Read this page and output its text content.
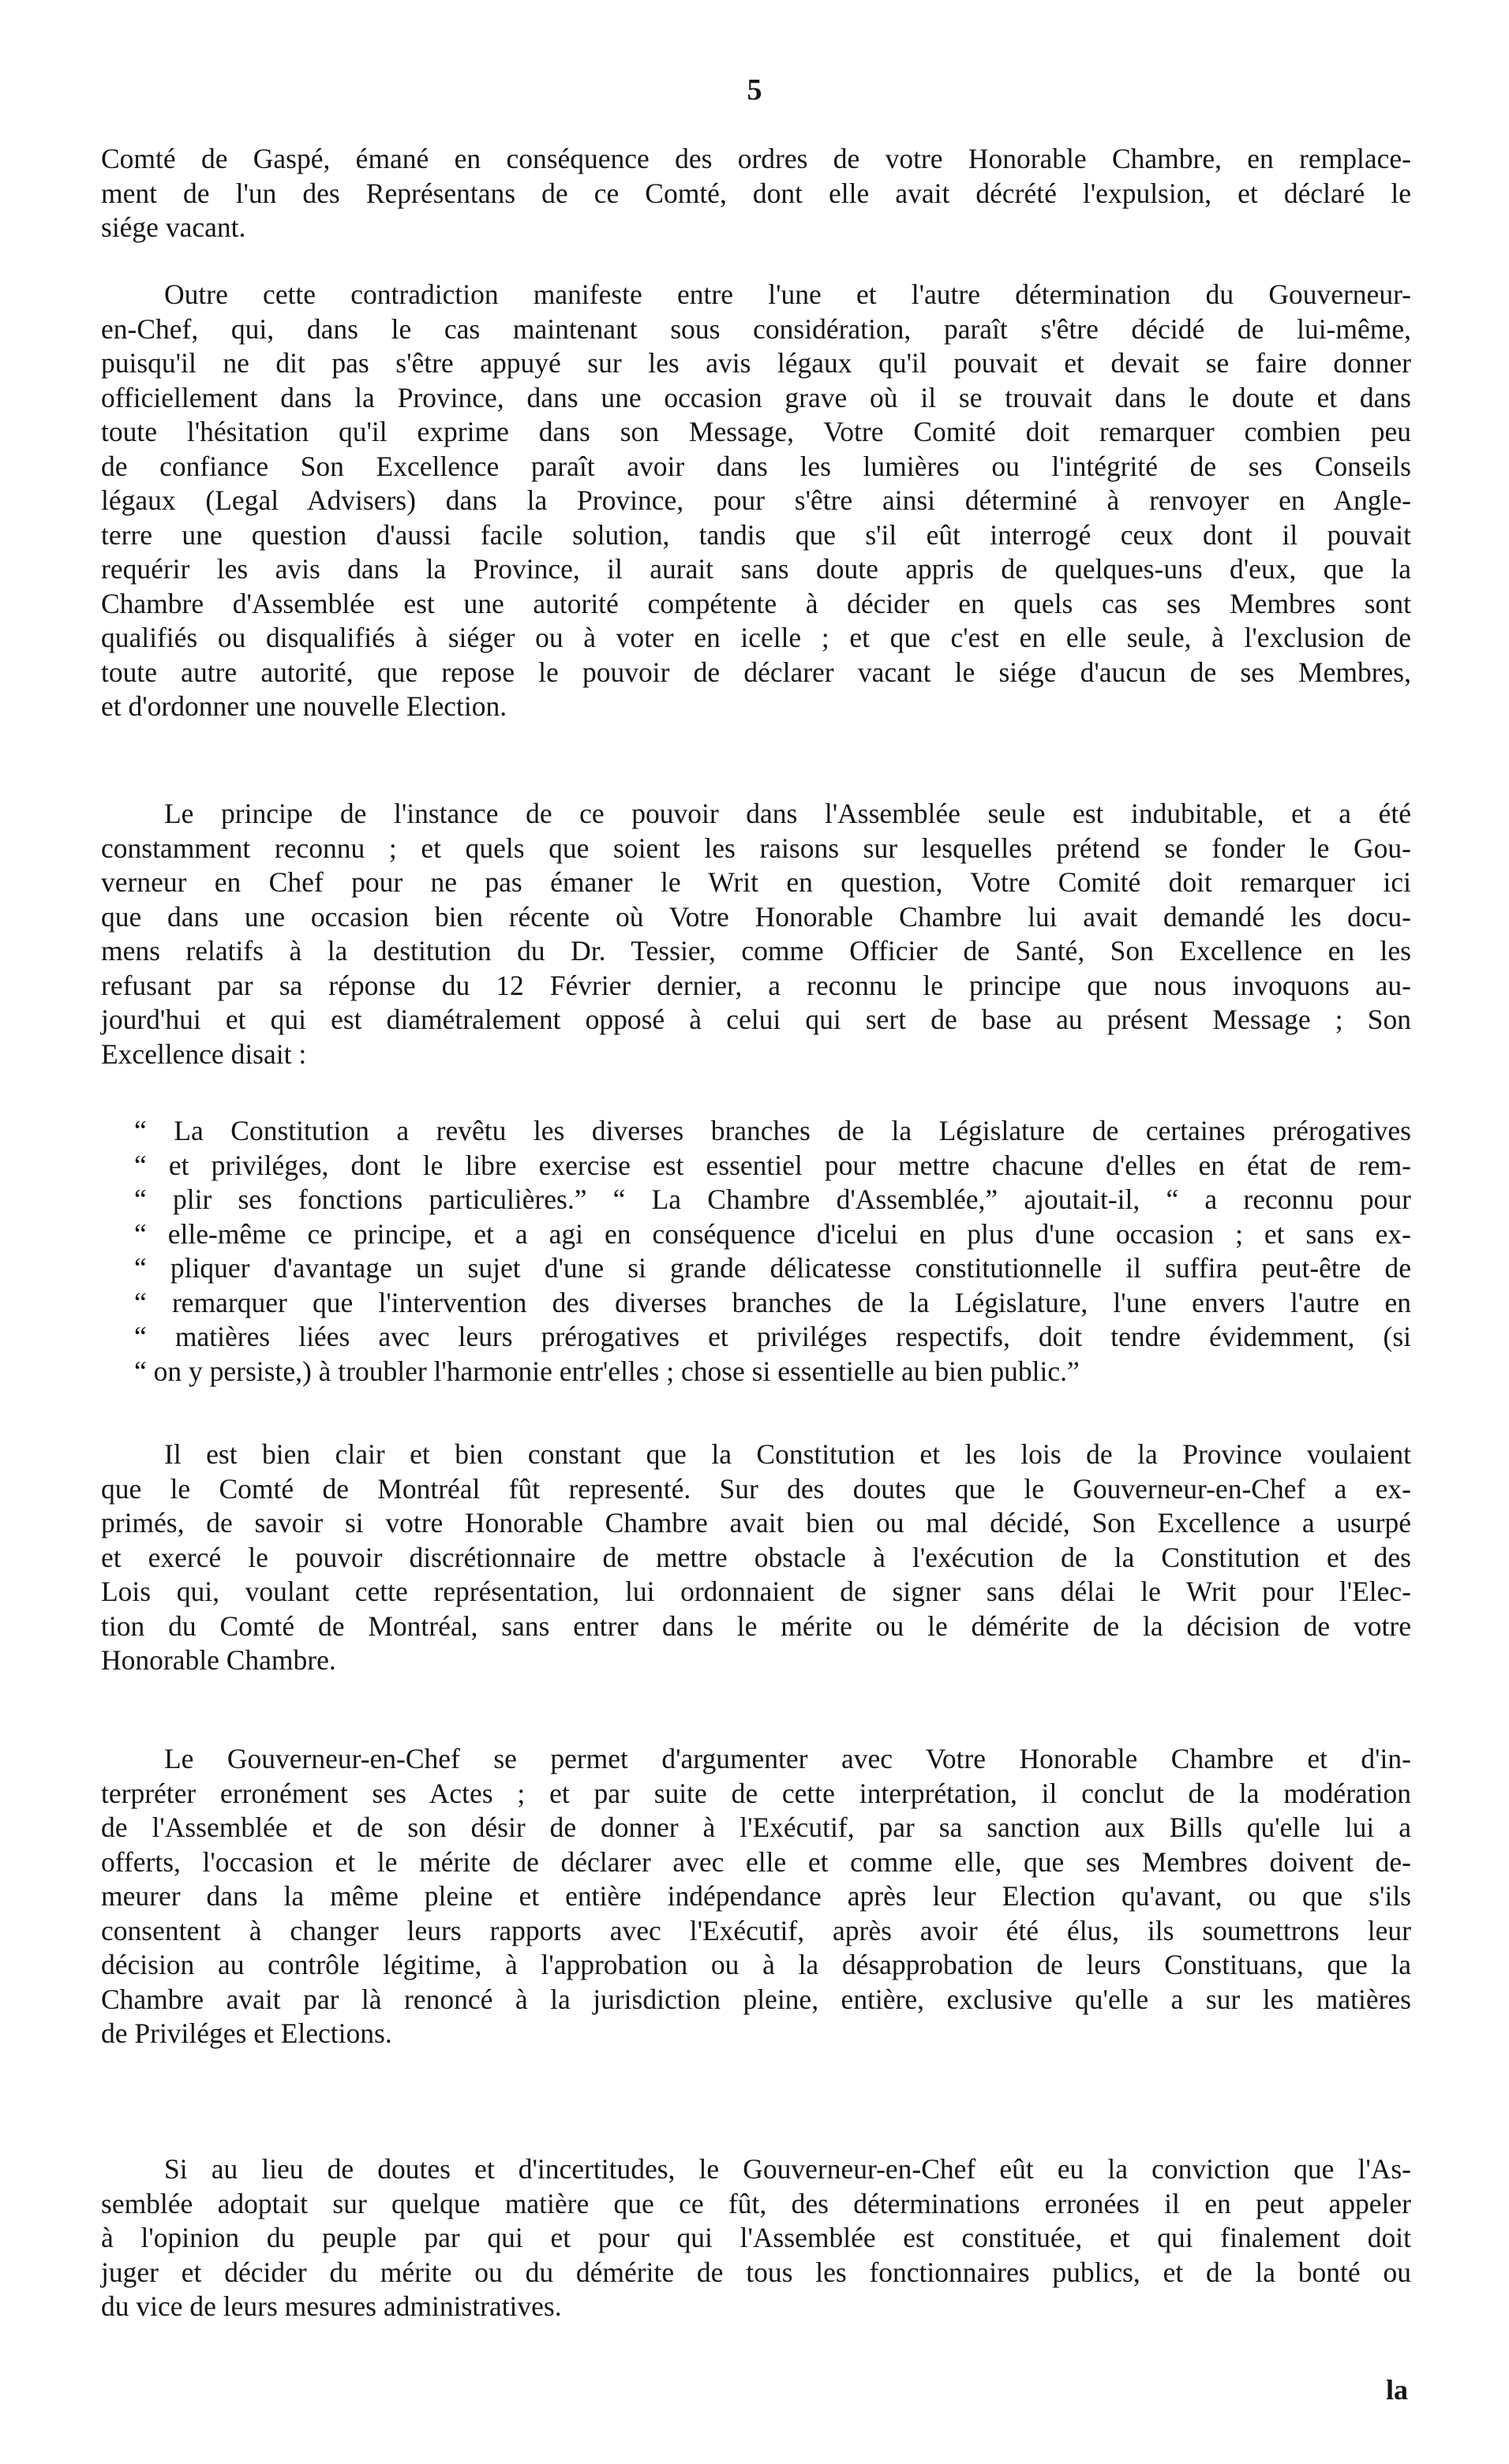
5
Comté de Gaspé, émané en conséquence des ordres de votre Honorable Chambre, en remplace-
ment de l'un des Représentans de ce Comté, dont elle avait décrété l'expulsion, et déclaré le
siége vacant.
Outre cette contradiction manifeste entre l'une et l'autre détermination du Gouverneur-
en-Chef, qui, dans le cas maintenant sous considération, paraît s'être décidé de lui-même,
puisqu'il ne dit pas s'être appuyé sur les avis légaux qu'il pouvait et devait se faire donner
officiellement dans la Province, dans une occasion grave où il se trouvait dans le doute et dans
toute l'hésitation qu'il exprime dans son Message, Votre Comité doit remarquer combien peu
de confiance Son Excellence paraît avoir dans les lumières ou l'intégrité de ses Conseils
légaux (Legal Advisers) dans la Province, pour s'être ainsi déterminé à renvoyer en Angle-
terre une question d'aussi facile solution, tandis que s'il eût interrogé ceux dont il pouvait
requérir les avis dans la Province, il aurait sans doute appris de quelques-uns d'eux, que la
Chambre d'Assemblée est une autorité compétente à décider en quels cas ses Membres sont
qualifiés ou disqualifiés à siéger ou à voter en icelle ; et que c'est en elle seule, à l'exclusion de
toute autre autorité, que repose le pouvoir de déclarer vacant le siége d'aucun de ses Membres,
et d'ordonner une nouvelle Election.
Le principe de l'instance de ce pouvoir dans l'Assemblée seule est indubitable, et a été
constamment reconnu ; et quels que soient les raisons sur lesquelles prétend se fonder le Gou-
verneur en Chef pour ne pas émaner le Writ en question, Votre Comité doit remarquer ici
que dans une occasion bien récente où Votre Honorable Chambre lui avait demandé les docu-
mens relatifs à la destitution du Dr. Tessier, comme Officier de Santé, Son Excellence en les
refusant par sa réponse du 12 Février dernier, a reconnu le principe que nous invoquons au-
jourd'hui et qui est diamétralement opposé à celui qui sert de base au présent Message ; Son
Excellence disait :
“ La Constitution a revêtu les diverses branches de la Législature de certaines prérogatives
“ et priviléges, dont le libre exercise est essentiel pour mettre chacune d'elles en état de rem-
“ plir ses fonctions particulières.” “ La Chambre d'Assemblée,” ajoutait-il, “ a reconnu pour
“ elle-même ce principe, et a agi en conséquence d'icelui en plus d'une occasion ; et sans ex-
“ pliquer d'avantage un sujet d'une si grande délicatesse constitutionnelle il suffira peut-être de
“ remarquer que l'intervention des diverses branches de la Législature, l'une envers l'autre en
“ matières liées avec leurs prérogatives et priviléges respectifs, doit tendre évidemment, (si
“ on y persiste,) à troubler l'harmonie entr'elles ; chose si essentielle au bien public.”
Il est bien clair et bien constant que la Constitution et les lois de la Province voulaient
que le Comté de Montréal fût representé. Sur des doutes que le Gouverneur-en-Chef a ex-
primés, de savoir si votre Honorable Chambre avait bien ou mal décidé, Son Excellence a usurpé
et exercé le pouvoir discrétionnaire de mettre obstacle à l'exécution de la Constitution et des
Lois qui, voulant cette représentation, lui ordonnaient de signer sans délai le Writ pour l'Elec-
tion du Comté de Montréal, sans entrer dans le mérite ou le démérite de la décision de votre
Honorable Chambre.
Le Gouverneur-en-Chef se permet d'argumenter avec Votre Honorable Chambre et d'in-
terpréter erronément ses Actes ; et par suite de cette interprétation, il conclut de la modération
de l'Assemblée et de son désir de donner à l'Exécutif, par sa sanction aux Bills qu'elle lui a
offerts, l'occasion et le mérite de déclarer avec elle et comme elle, que ses Membres doivent de-
meurer dans la même pleine et entière indépendance après leur Election qu'avant, ou que s'ils
consentent à changer leurs rapports avec l'Exécutif, après avoir été élus, ils soumettrons leur
décision au contrôle légitime, à l'approbation ou à la désapprobation de leurs Constituans, que la
Chambre avait par là renoncé à la jurisdiction pleine, entière, exclusive qu'elle a sur les matières
de Priviléges et Elections.
Si au lieu de doutes et d'incertitudes, le Gouverneur-en-Chef eût eu la conviction que l'As-
semblée adoptait sur quelque matière que ce fût, des déterminations erronées il en peut appeler
à l'opinion du peuple par qui et pour qui l'Assemblée est constituée, et qui finalement doit
juger et décider du mérite ou du démérite de tous les fonctionnaires publics, et de la bonté ou
du vice de leurs mesures administratives.
la
